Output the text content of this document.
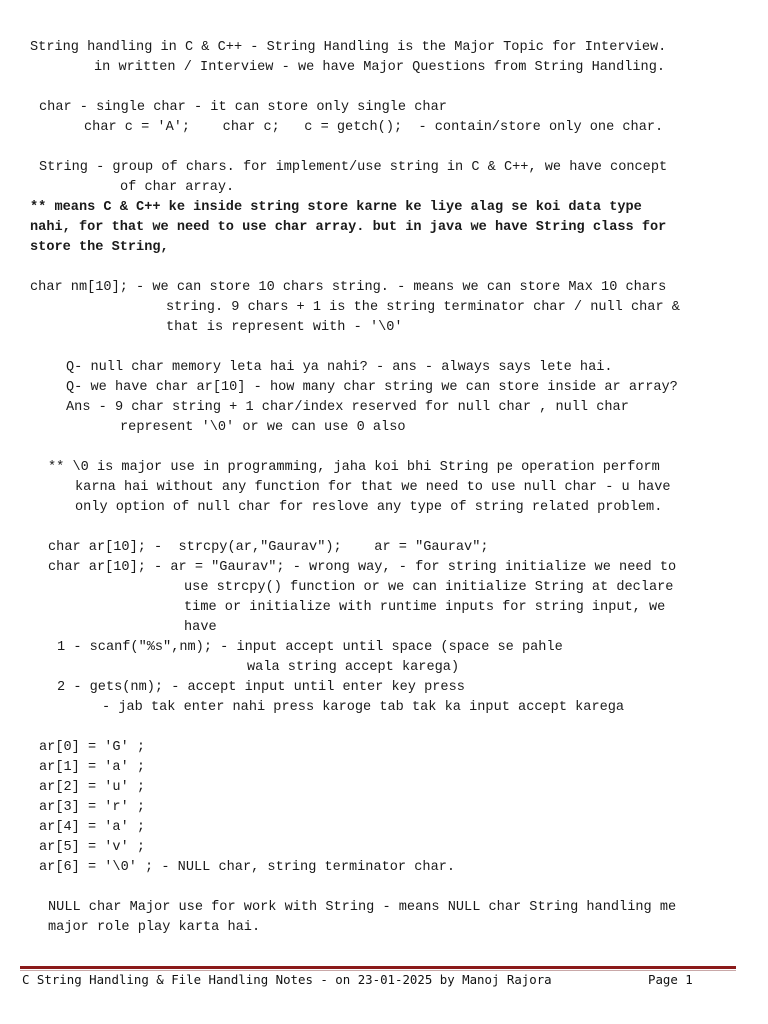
String handling in C & C++ - String Handling is the Major Topic for Interview.

in written / Interview - we have Major Questions from String Handling.

char - single char - it can store only single char

char c = 'A';    char c;   c = getch();  - contain/store only one char.

String - group of chars. for implement/use string in C & C++, we have concept

of char array.

** means C & C++ ke inside string store karne ke liye alag se koi data type

nahi, for that we need to use char array. but in java we have String class for

store the String,

char nm[10]; - we can store 10 chars string. - means we can store Max 10 chars

string. 9 chars + 1 is the string terminator char / null char &

that is represent with - '\0'

Q- null char memory leta hai ya nahi? - ans - always says lete hai.

Q- we have char ar[10] - how many char string we can store inside ar array?

Ans - 9 char string + 1 char/index reserved for null char , null char

represent '\0' or we can use 0 also

** \0 is major use in programming, jaha koi bhi String pe operation perform

karna hai without any function for that we need to use null char - u have

only option of null char for reslove any type of string related problem.

char ar[10]; -  strcpy(ar,"Gaurav");    ar = "Gaurav";

char ar[10]; - ar = "Gaurav"; - wrong way, - for string initialize we need to

use strcpy() function or we can initialize String at declare

time or initialize with runtime inputs for string input, we

have

1 - scanf("%s",nm); - input accept until space (space se pahle

wala string accept karega)

2 - gets(nm); - accept input until enter key press

- jab tak enter nahi press karoge tab tak ka input accept karega

ar[0] = 'G' ;

ar[1] = 'a' ;

ar[2] = 'u' ;

ar[3] = 'r' ;

ar[4] = 'a' ;

ar[5] = 'v' ;

ar[6] = '\0' ; - NULL char, string terminator char.

NULL char Major use for work with String - means NULL char String handling me

major role play karta hai.

C String Handling & File Handling Notes - on 23-01-2025 by Manoj Rajora	Page 1
